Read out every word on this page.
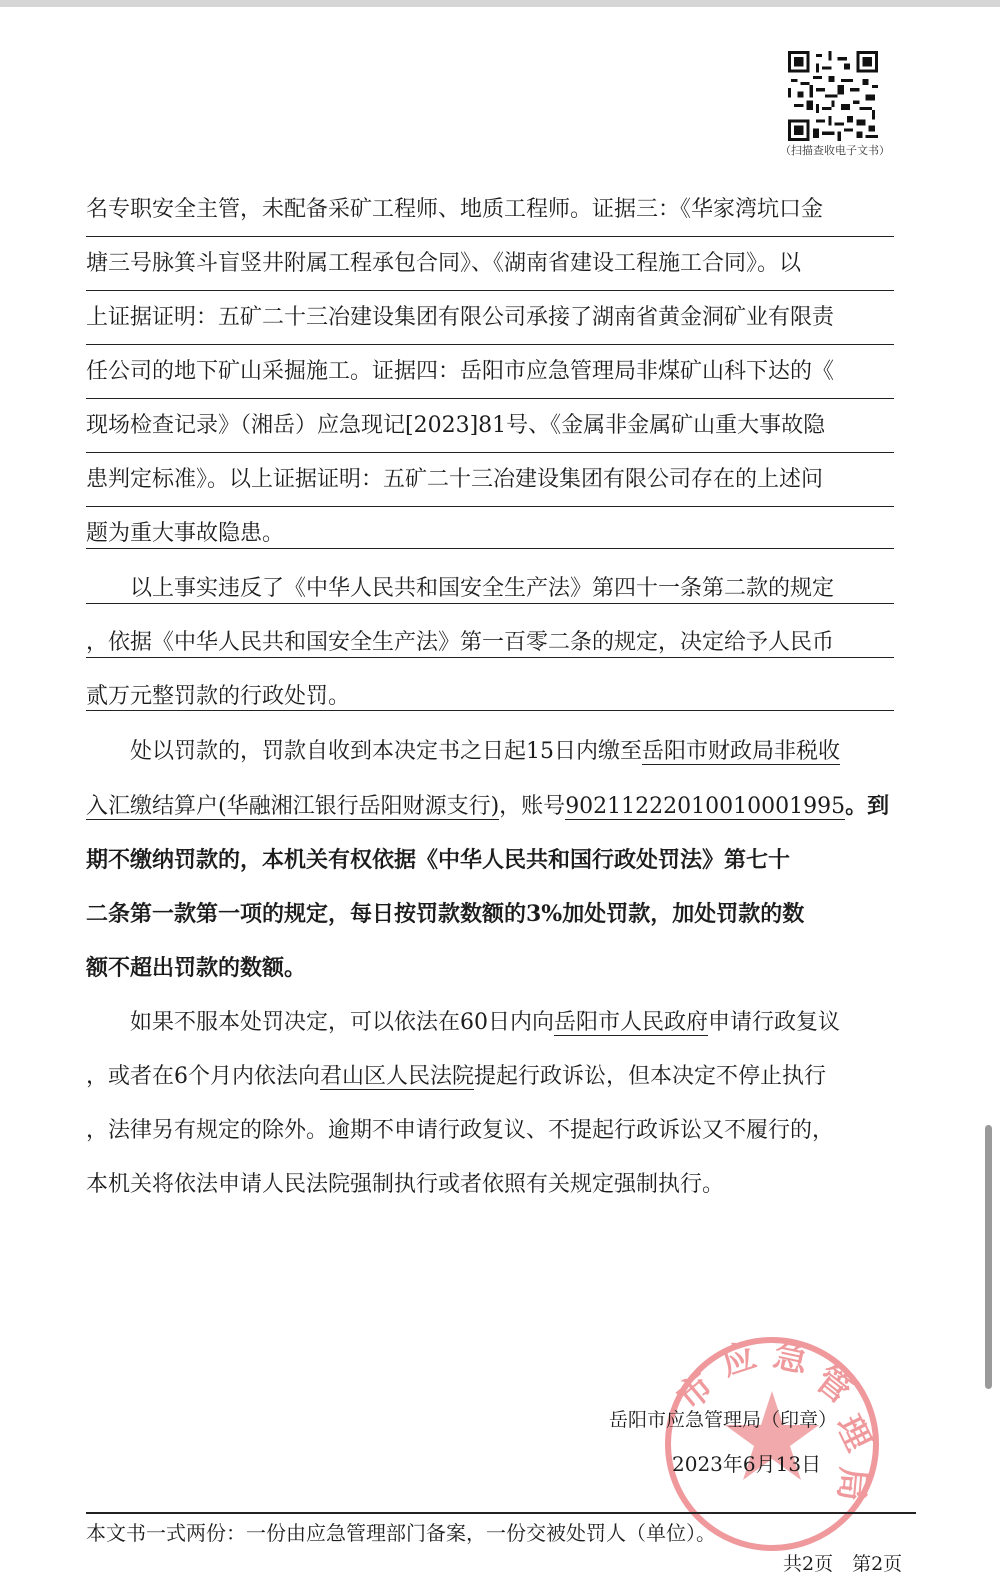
（扫描查收电子文书）
名专职安全主管，未配备采矿工程师、地质工程师。证据三：《华家湾坑口金
塘三号脉箕斗盲竖井附属工程承包合同》、《湖南省建设工程施工合同》。以
上证据证明：五矿二十三冶建设集团有限公司承接了湖南省黄金洞矿业有限责
任公司的地下矿山采掘施工。证据四：岳阳市应急管理局非煤矿山科下达的《
现场检查记录》（湘岳）应急现记[2023]81号、《金属非金属矿山重大事故隐
患判定标准》。以上证据证明：五矿二十三冶建设集团有限公司存在的上述问
题为重大事故隐患。
以上事实违反了《中华人民共和国安全生产法》第四十一条第二款的规定
，依据《中华人民共和国安全生产法》第一百零二条的规定，决定给予人民币
贰万元整罚款的行政处罚。
处以罚款的，罚款自收到本决定书之日起15日内缴至岳阳市财政局非税收
入汇缴结算户(华融湘江银行岳阳财源支行)，账号90211222010010001995。到
期不缴纳罚款的，本机关有权依据《中华人民共和国行政处罚法》第七十
二条第一款第一项的规定，每日按罚款数额的3%加处罚款，加处罚款的数
额不超出罚款的数额。
如果不服本处罚决定，可以依法在60日内向岳阳市人民政府申请行政复议
，或者在6个月内依法向君山区人民法院提起行政诉讼，但本决定不停止执行
，法律另有规定的除外。逾期不申请行政复议、不提起行政诉讼又不履行的，
本机关将依法申请人民法院强制执行或者依照有关规定强制执行。
市
应 急
管
理
局
岳阳市应急管理局（印章）
2023年6月13日
本文书一式两份：一份由应急管理部门备案，一份交被处罚人（单位）。
共2页　第2页
